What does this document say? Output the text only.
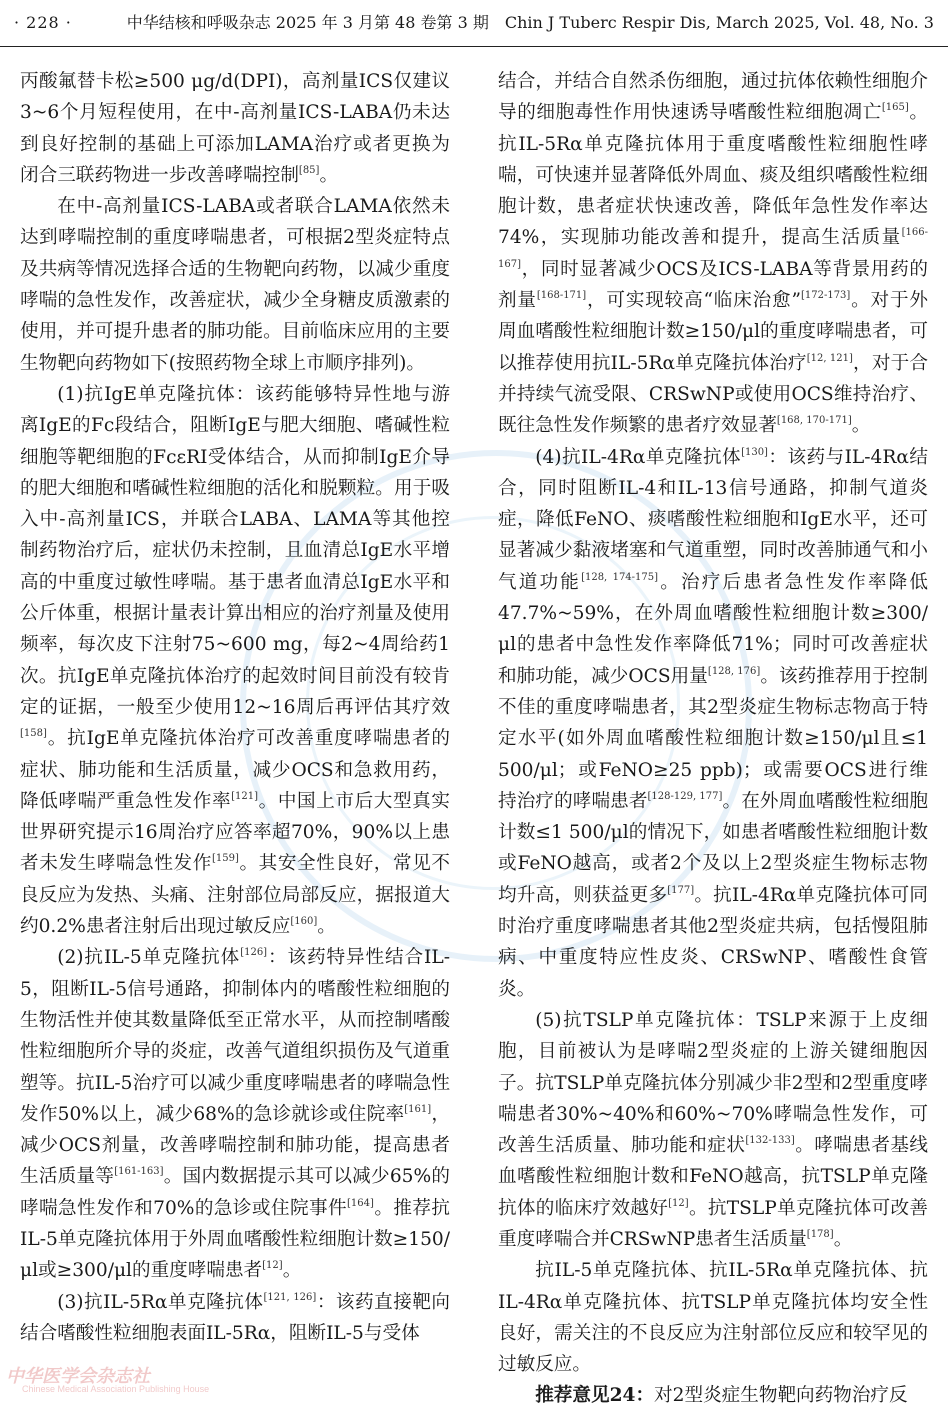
· 228 ·	中华结核和呼吸杂志 2025 年 3 月第 48 卷第 3 期　Chin J Tuberc Respir Dis, March 2025, Vol. 48, No. 3

丙酸氟替卡松≥500 μg/d(DPI)，高剂量ICS仅建议3~6个月短程使用，在中-高剂量ICS-LABA仍未达到良好控制的基础上可添加LAMA治疗或者更换为闭合三联药物进一步改善哮喘控制[85]。

在中-高剂量ICS-LABA或者联合LAMA依然未达到哮喘控制的重度哮喘患者，可根据2型炎症特点及共病等情况选择合适的生物靶向药物，以减少重度哮喘的急性发作，改善症状，减少全身糖皮质激素的使用，并可提升患者的肺功能。目前临床应用的主要生物靶向药物如下(按照药物全球上市顺序排列)。

(1)抗IgE单克隆抗体：该药能够特异性地与游离IgE的Fc段结合，阻断IgE与肥大细胞、嗜碱性粒细胞等靶细胞的FcεRI受体结合，从而抑制IgE介导的肥大细胞和嗜碱性粒细胞的活化和脱颗粒。用于吸入中-高剂量ICS，并联合LABA、LAMA等其他控制药物治疗后，症状仍未控制，且血清总IgE水平增高的中重度过敏性哮喘。基于患者血清总IgE水平和公斤体重，根据计量表计算出相应的治疗剂量及使用频率，每次皮下注射75~600 mg，每2~4周给药1次。抗IgE单克隆抗体治疗的起效时间目前没有较肯定的证据，一般至少使用12~16周后再评估其疗效[158]。抗IgE单克隆抗体治疗可改善重度哮喘患者的症状、肺功能和生活质量，减少OCS和急救用药，降低哮喘严重急性发作率[121]。中国上市后大型真实世界研究提示16周治疗应答率超70%，90%以上患者未发生哮喘急性发作[159]。其安全性良好，常见不良反应为发热、头痛、注射部位局部反应，据报道大约0.2%患者注射后出现过敏反应[160]。

(2)抗IL-5单克隆抗体[126]：该药特异性结合IL-5，阻断IL-5信号通路，抑制体内的嗜酸性粒细胞的生物活性并使其数量降低至正常水平，从而控制嗜酸性粒细胞所介导的炎症，改善气道组织损伤及气道重塑等。抗IL-5治疗可以减少重度哮喘患者的哮喘急性发作50%以上，减少68%的急诊就诊或住院率[161]，减少OCS剂量，改善哮喘控制和肺功能，提高患者生活质量等[161-163]。国内数据提示其可以减少65%的哮喘急性发作和70%的急诊或住院事件[164]。推荐抗IL-5单克隆抗体用于外周血嗜酸性粒细胞计数≥150/μl或≥300/μl的重度哮喘患者[12]。

(3)抗IL-5Rα单克隆抗体[121, 126]：该药直接靶向结合嗜酸性粒细胞表面IL-5Rα，阻断IL-5与受体

结合，并结合自然杀伤细胞，通过抗体依赖性细胞介导的细胞毒性作用快速诱导嗜酸性粒细胞凋亡[165]。抗IL-5Rα单克隆抗体用于重度嗜酸性粒细胞性哮喘，可快速并显著降低外周血、痰及组织嗜酸性粒细胞计数，患者症状快速改善，降低年急性发作率达74%，实现肺功能改善和提升，提高生活质量[166-167]，同时显著减少OCS及ICS-LABA等背景用药的剂量[168-171]，可实现较高“临床治愈”[172-173]。对于外周血嗜酸性粒细胞计数≥150/μl的重度哮喘患者，可以推荐使用抗IL-5Rα单克隆抗体治疗[12, 121]，对于合并持续气流受限、CRSwNP或使用OCS维持治疗、既往急性发作频繁的患者疗效显著[168, 170-171]。

(4)抗IL-4Rα单克隆抗体[130]：该药与IL-4Rα结合，同时阻断IL-4和IL-13信号通路，抑制气道炎症，降低FeNO、痰嗜酸性粒细胞和IgE水平，还可显著减少黏液堵塞和气道重塑，同时改善肺通气和小气道功能[128, 174-175]。治疗后患者急性发作率降低47.7%~59%，在外周血嗜酸性粒细胞计数≥300/μl的患者中急性发作率降低71%；同时可改善症状和肺功能，减少OCS用量[128, 176]。该药推荐用于控制不佳的重度哮喘患者，其2型炎症生物标志物高于特定水平(如外周血嗜酸性粒细胞计数≥150/μl且≤1 500/μl；或FeNO≥25 ppb)；或需要OCS进行维持治疗的哮喘患者[128-129, 177]。在外周血嗜酸性粒细胞计数≤1 500/μl的情况下，如患者嗜酸性粒细胞计数或FeNO越高，或者2个及以上2型炎症生物标志物均升高，则获益更多[177]。抗IL-4Rα单克隆抗体可同时治疗重度哮喘患者其他2型炎症共病，包括慢阻肺病、中重度特应性皮炎、CRSwNP、嗜酸性食管炎。

(5)抗TSLP单克隆抗体：TSLP来源于上皮细胞，目前被认为是哮喘2型炎症的上游关键细胞因子。抗TSLP单克隆抗体分别减少非2型和2型重度哮喘患者30%~40%和60%~70%哮喘急性发作，可改善生活质量、肺功能和症状[132-133]。哮喘患者基线血嗜酸性粒细胞计数和FeNO越高，抗TSLP单克隆抗体的临床疗效越好[12]。抗TSLP单克隆抗体可改善重度哮喘合并CRSwNP患者生活质量[178]。

抗IL-5单克隆抗体、抗IL-5Rα单克隆抗体、抗IL-4Rα单克隆抗体、抗TSLP单克隆抗体均安全性良好，需关注的不良反应为注射部位反应和较罕见的过敏反应。

推荐意见24：对2型炎症生物靶向药物治疗反

中华医学会杂志社
Chinese Medical Association Publishing House
